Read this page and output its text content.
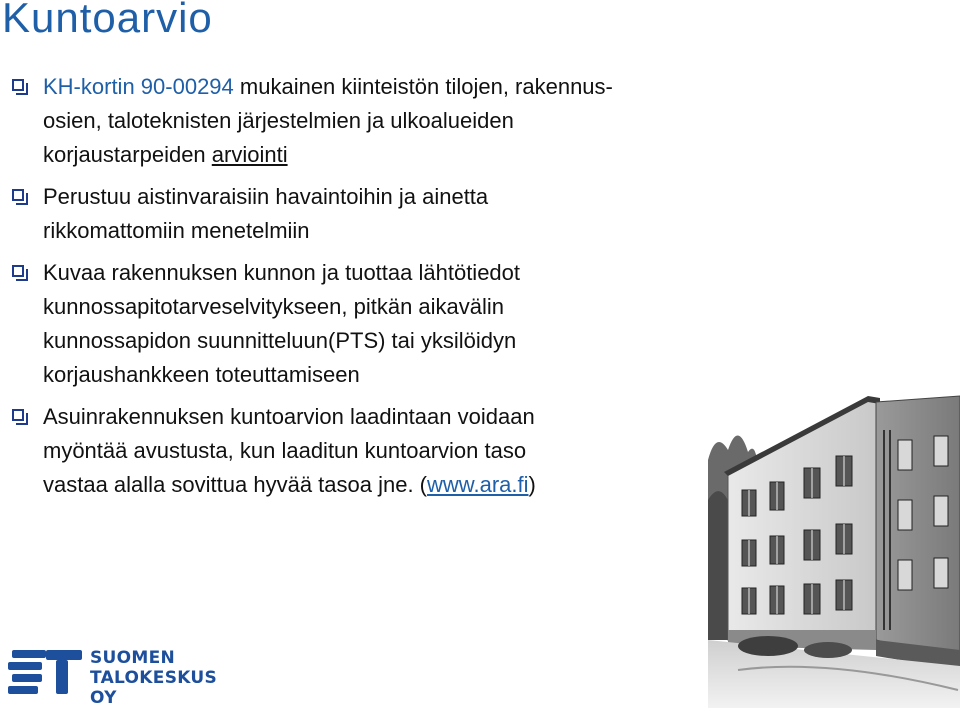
Kuntoarvio
KH-kortin 90-00294 mukainen kiinteistön tilojen, rakennus-
osien, taloteknisten järjestelmien ja ulkoalueiden
korjaustarpeiden arviointi
Perustuu aistinvaraisiin havaintoihin ja ainetta
rikkomattomiin menetelmiin
Kuvaa rakennuksen kunnon ja tuottaa lähtötiedot
kunnossapitotarveselvitykseen, pitkän aikavälin
kunnossapidon suunnitteluun(PTS) tai yksilöidyn
korjaushankkeen toteuttamiseen
Asuinrakennuksen kuntoarvion laadintaan voidaan
myöntää avustusta, kun laaditun kuntoarvion taso
vastaa alalla sovittua hyvää tasoa jne. (www.ara.fi)
SUOMEN
TALOKESKUS OY
